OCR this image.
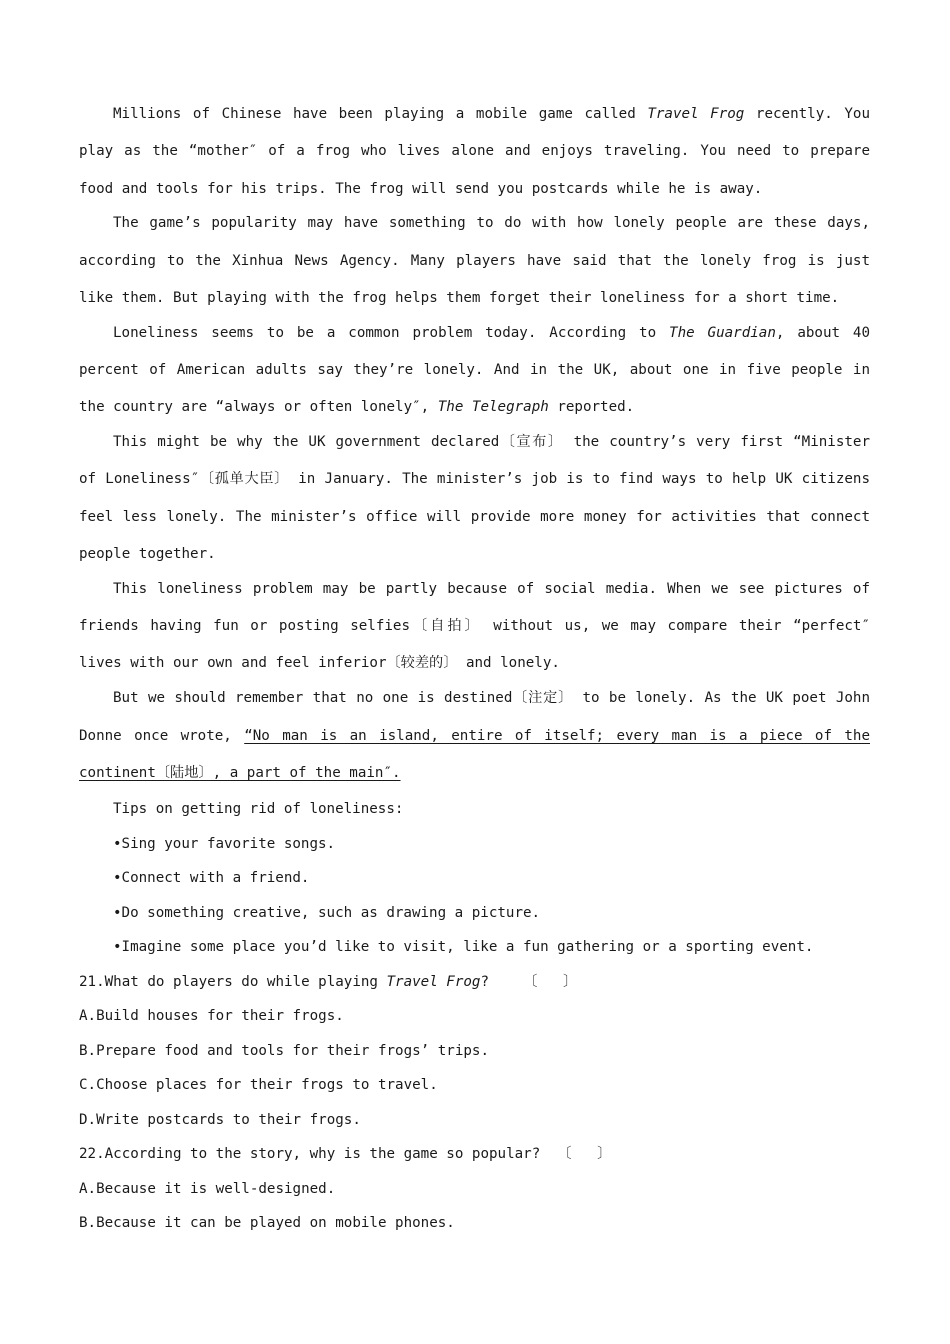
Millions of Chinese have been playing a mobile game called Travel Frog recently. You play as the “mother″ of a frog who lives alone and enjoys traveling. You need to prepare food and tools for his trips. The frog will send you postcards while he is away.

The game’s popularity may have something to do with how lonely people are these days, according to the Xinhua News Agency. Many players have said that the lonely frog is just like them. But playing with the frog helps them forget their loneliness for a short time.

Loneliness seems to be a common problem today. According to The Guardian, about 40 percent of American adults say they’re lonely. And in the UK, about one in five people in the country are “always or often lonely″, The Telegraph reported.

This might be why the UK government declared〔宣布〕 the country’s very first “Minister of Loneliness″〔孤单大臣〕 in January. The minister’s job is to find ways to help UK citizens feel less lonely. The minister’s office will provide more money for activities that connect people together.

This loneliness problem may be partly because of social media. When we see pictures of friends having fun or posting selfies〔自拍〕 without us, we may compare their “perfect″ lives with our own and feel inferior〔较差的〕 and lonely.

But we should remember that no one is destined〔注定〕 to be lonely. As the UK poet John Donne once wrote, “No man is an island, entire of itself; every man is a piece of the continent〔陆地〕, a part of the main″.

Tips on getting rid of loneliness:

•Sing your favorite songs.

•Connect with a friend.

•Do something creative, such as drawing a picture.

•Imagine some place you’d like to visit, like a fun gathering or a sporting event.

21.What do players do while playing Travel Frog? 〔   〕

A.Build houses for their frogs.

B.Prepare food and tools for their frogs’ trips.

C.Choose places for their frogs to travel.

D.Write postcards to their frogs.

22.According to the story, why is the game so popular? 〔   〕

A.Because it is well-designed.

B.Because it can be played on mobile phones.
